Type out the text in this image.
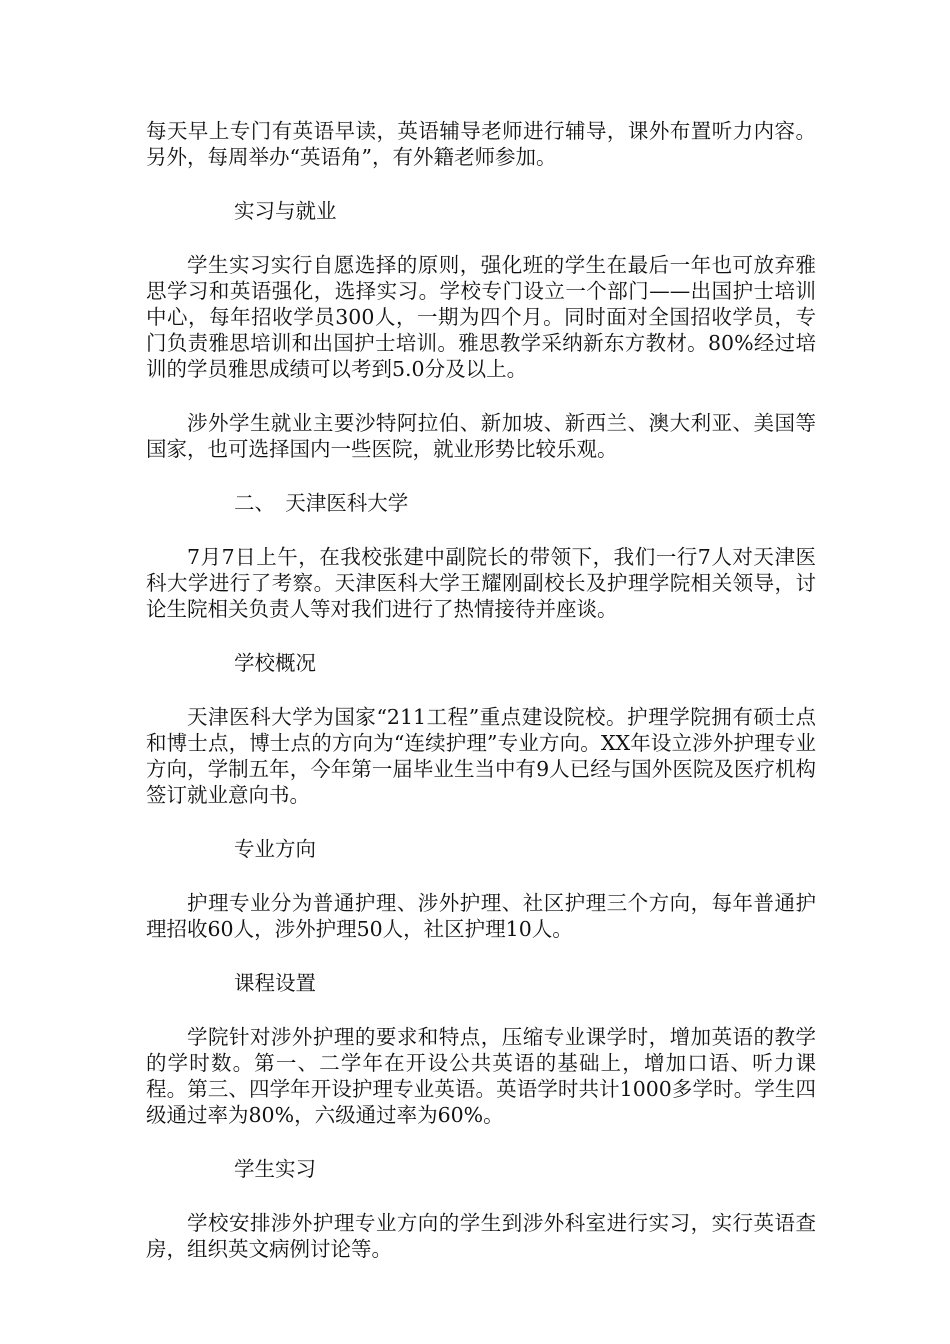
每天早上专门有英语早读，英语辅导老师进行辅导，课外布置听力内容。另外，每周举办“英语角”，有外籍老师参加。

实习与就业

学生实习实行自愿选择的原则，强化班的学生在最后一年也可放弃雅思学习和英语强化，选择实习。学校专门设立一个部门——出国护士培训中心，每年招收学员300人，一期为四个月。同时面对全国招收学员，专门负责雅思培训和出国护士培训。雅思教学采纳新东方教材。80%经过培训的学员雅思成绩可以考到5.0分及以上。

涉外学生就业主要沙特阿拉伯、新加坡、新西兰、澳大利亚、美国等国家，也可选择国内一些医院，就业形势比较乐观。

二、　天津医科大学

7月7日上午，在我校张建中副院长的带领下，我们一行7人对天津医科大学进行了考察。天津医科大学王耀刚副校长及护理学院相关领导，讨论生院相关负责人等对我们进行了热情接待并座谈。

学校概况

天津医科大学为国家“211工程”重点建设院校。护理学院拥有硕士点和博士点，博士点的方向为“连续护理”专业方向。XX年设立涉外护理专业方向，学制五年，今年第一届毕业生当中有9人已经与国外医院及医疗机构签订就业意向书。

专业方向

护理专业分为普通护理、涉外护理、社区护理三个方向，每年普通护理招收60人，涉外护理50人，社区护理10人。

课程设置

学院针对涉外护理的要求和特点，压缩专业课学时，增加英语的教学的学时数。第一、二学年在开设公共英语的基础上，增加口语、听力课程。第三、四学年开设护理专业英语。英语学时共计1000多学时。学生四级通过率为80%，六级通过率为60%。

学生实习

学校安排涉外护理专业方向的学生到涉外科室进行实习，实行英语查房，组织英文病例讨论等。
